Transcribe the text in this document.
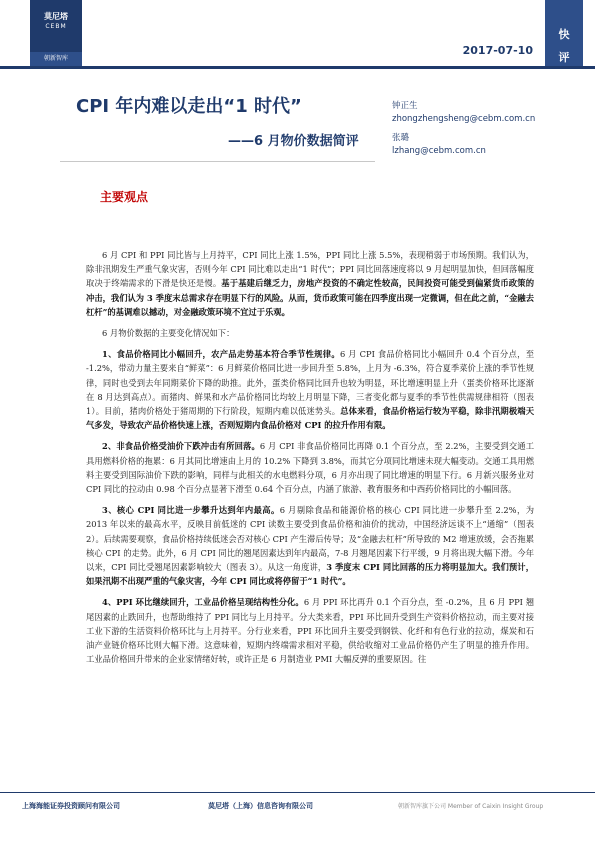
莫尼塔
CEBM
朝新智库
2017-07-10
快
评
CPI 年内难以走出“1 时代”
——6 月物价数据简评
钟正生
zhongzhengsheng@cebm.com.cn
张璐
lzhang@cebm.com.cn
主要观点

6 月 CPI 和 PPI 同比皆与上月持平，CPI 同比上涨 1.5%，PPI 同比上涨 5.5%，表现稍弱于市场预期。我们认为，除非汛期发生严重气象灾害，否则今年 CPI 同比难以走出“1 时代”；PPI 同比回落速度将以 9 月起明显加快，但回落幅度取决于终端需求的下滑是快还是慢。基于基建后继乏力，房地产投资的不确定性较高，民间投资可能受到偏紧货币政策的冲击，我们认为 3 季度末总需求存在明显下行的风险。从而，货币政策可能在四季度出现一定微调，但在此之前，“金融去杠杆”的基调难以撼动，对金融政策环境不宜过于乐观。

6 月物价数据的主要变化情况如下：

1、食品价格同比小幅回升，农产品走势基本符合季节性规律。6 月 CPI 食品价格同比小幅回升 0.4 个百分点，至 -1.2%，带动力量主要来自“鲜菜”：6 月鲜菜价格同比进一步回升至 5.8%，上月为 -6.3%，符合夏季菜价上涨的季节性规律，同时也受到去年同期菜价下降的助推。此外，蛋类价格同比回升也较为明显，环比增速明显上升（蛋类价格环比逐渐在 8 月达到高点）。而猪肉、鲜果和水产品价格同比均较上月明显下降，三者变化都与夏季的季节性供需规律相符（图表 1）。目前，猪肉价格处于猪周期的下行阶段，短期内难以低迷势头。总体来看，食品价格运行较为平稳，除非汛期极端天气多发，导致农产品价格快速上涨，否则短期内食品价格对 CPI 的拉升作用有限。

2、非食品价格受油价下跌冲击有所回落。6 月 CPI 非食品价格同比再降 0.1 个百分点，至 2.2%，主要受到交通工具用燃料价格的拖累：6 月其同比增速由上月的 10.2% 下降到 3.8%，而其它分项同比增速未现大幅变动。交通工具用燃料主要受到国际油价下跌的影响，同样与此相关的水电燃料分项，6 月亦出现了同比增速的明显下行。6 月新兴服务业对 CPI 同比的拉动由 0.98 个百分点显著下滑至 0.64 个百分点，内涵了旅游、教育服务和中西药价格同比的小幅回落。

3、核心 CPI 同比进一步攀升达到年内最高。6 月剔除食品和能源价格的核心 CPI 同比进一步攀升至 2.2%，为 2013 年以来的最高水平，反映目前低迷的 CPI 读数主要受到食品价格和油价的扰动，中国经济远谈不上“通缩”（图表 2）。后续需要观察，食品价格持续低迷会否对核心 CPI 产生滞后传导；及“金融去杠杆”所导致的 M2 增速放缓，会否拖累核心 CPI 的走势。此外，6 月 CPI 同比的翘尾因素达到年内最高，7-8 月翘尾因素下行平缓，9 月将出现大幅下滑。今年以来，CPI 同比受翘尾因素影响较大（图表 3）。从这一角度讲，3 季度末 CPI 同比回落的压力将明显加大。我们预计，如果汛期不出现严重的气象灾害，今年 CPI 同比或将停留于“1 时代”。

4、PPI 环比继续回升，工业品价格呈现结构性分化。6 月 PPI 环比再升 0.1 个百分点，至 -0.2%，且 6 月 PPI 翘尾因素的止跌回升，也帮助维持了 PPI 同比与上月持平。分大类来看，PPI 环比回升受到生产资料价格拉动，而主要对接工业下游的生活资料价格环比与上月持平。分行业来看，PPI 环比回升主要受到钢铁、化纤和有色行业的拉动，煤炭和石油产业链价格环比则大幅下滑。这意味着，短期内终端需求相对平稳，供给收缩对工业品价格仍产生了明显的推升作用。工业品价格回升带来的企业家情绪好转，或许正是 6 月制造业 PMI 大幅反弹的重要原因。往

上海海能证券投资顾问有限公司	莫尼塔（上海）信息咨询有限公司	朝新智库旗下公司 Member of Caixin Insight Group
